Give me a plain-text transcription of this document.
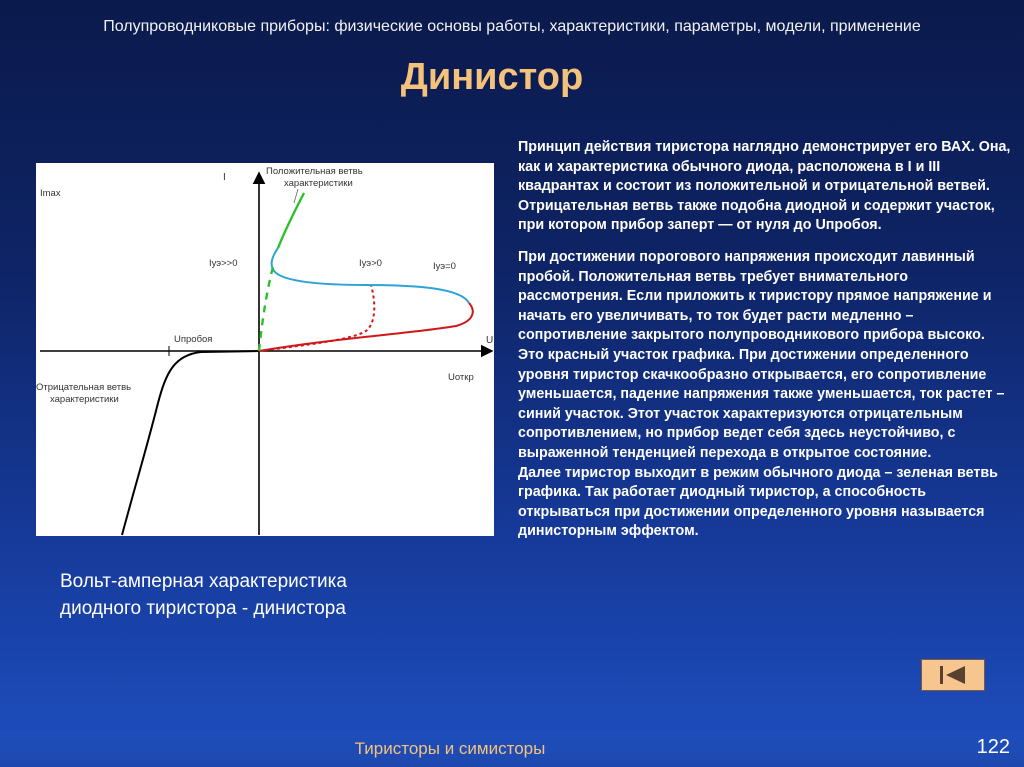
Полупроводниковые приборы: физические основы работы, характеристики, параметры, модели, применение
Динистор
Положительная ветвь
характеристики
Imax
I
U
Iуэ>>0	Iуэ>0	Iуэ=0
Uпробоя
Uоткр
Отрицательная ветвь
характеристики
Вольт-амперная характеристика
диодного тиристора - динистора

Принцип действия тиристора наглядно демонстрирует его ВАХ. Она, как и характеристика обычного диода, расположена в I и III квадрантах и состоит из положительной и отрицательной ветвей. Отрицательная ветвь также подобна диодной и содержит участок, при котором прибор заперт — от нуля до Uпробоя.

При достижении порогового напряжения происходит лавинный пробой. Положительная ветвь требует внимательного рассмотрения. Если приложить к тиристору прямое напряжение и начать его увеличивать, то ток будет расти медленно – сопротивление закрытого полупроводникового прибора высоко. Это красный участок графика. При достижении определенного уровня тиристор скачкообразно открывается, его сопротивление уменьшается, падение напряжения также уменьшается, ток растет – синий участок. Этот участок характеризуются отрицательным сопротивлением, но прибор ведет себя здесь неустойчиво, с выраженной тенденцией перехода в открытое состояние.

Далее тиристор выходит в режим обычного диода – зеленая ветвь графика. Так работает диодный тиристор, а способность открываться при достижении определенного уровня называется динисторным эффектом.

Тиристоры и симисторы	122
